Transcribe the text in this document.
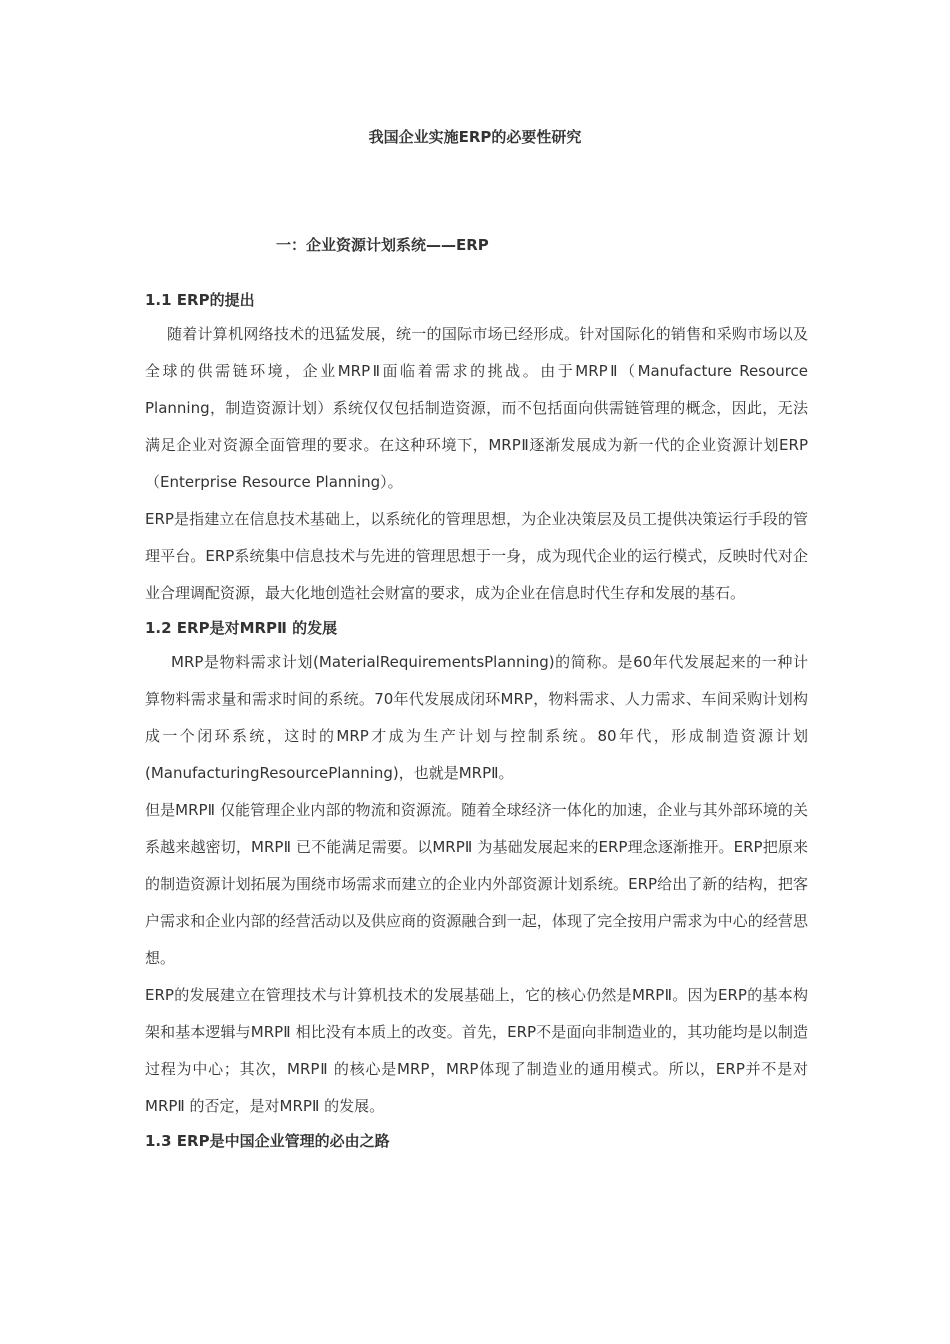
我国企业实施ERP的必要性研究
一：企业资源计划系统——ERP

1.1 ERP的提出

随着计算机网络技术的迅猛发展，统一的国际市场已经形成。针对国际化的销售和采购市场以及全球的供需链环境，企业MRPⅡ面临着需求的挑战。由于MRPⅡ（Manufacture Resource Planning，制造资源计划）系统仅仅包括制造资源，而不包括面向供需链管理的概念，因此，无法满足企业对资源全面管理的要求。在这种环境下，MRPⅡ逐渐发展成为新一代的企业资源计划ERP（Enterprise Resource Planning）。

ERP是指建立在信息技术基础上，以系统化的管理思想，为企业决策层及员工提供决策运行手段的管理平台。ERP系统集中信息技术与先进的管理思想于一身，成为现代企业的运行模式，反映时代对企业合理调配资源，最大化地创造社会财富的要求，成为企业在信息时代生存和发展的基石。

1.2 ERP是对MRPⅡ 的发展

MRP是物料需求计划(MaterialRequirementsPlanning)的简称。是60年代发展起来的一种计算物料需求量和需求时间的系统。70年代发展成闭环MRP，物料需求、人力需求、车间采购计划构成一个闭环系统，这时的MRP才成为生产计划与控制系统。80年代，形成制造资源计划(ManufacturingResourcePlanning)，也就是MRPⅡ。

但是MRPⅡ 仅能管理企业内部的物流和资源流。随着全球经济一体化的加速，企业与其外部环境的关系越来越密切，MRPⅡ 已不能满足需要。以MRPⅡ 为基础发展起来的ERP理念逐渐推开。ERP把原来的制造资源计划拓展为围绕市场需求而建立的企业内外部资源计划系统。ERP给出了新的结构，把客户需求和企业内部的经营活动以及供应商的资源融合到一起，体现了完全按用户需求为中心的经营思想。

ERP的发展建立在管理技术与计算机技术的发展基础上，它的核心仍然是MRPⅡ。因为ERP的基本构架和基本逻辑与MRPⅡ 相比没有本质上的改变。首先，ERP不是面向非制造业的，其功能均是以制造过程为中心；其次，MRPⅡ 的核心是MRP，MRP体现了制造业的通用模式。所以，ERP并不是对MRPⅡ 的否定，是对MRPⅡ 的发展。

1.3 ERP是中国企业管理的必由之路
